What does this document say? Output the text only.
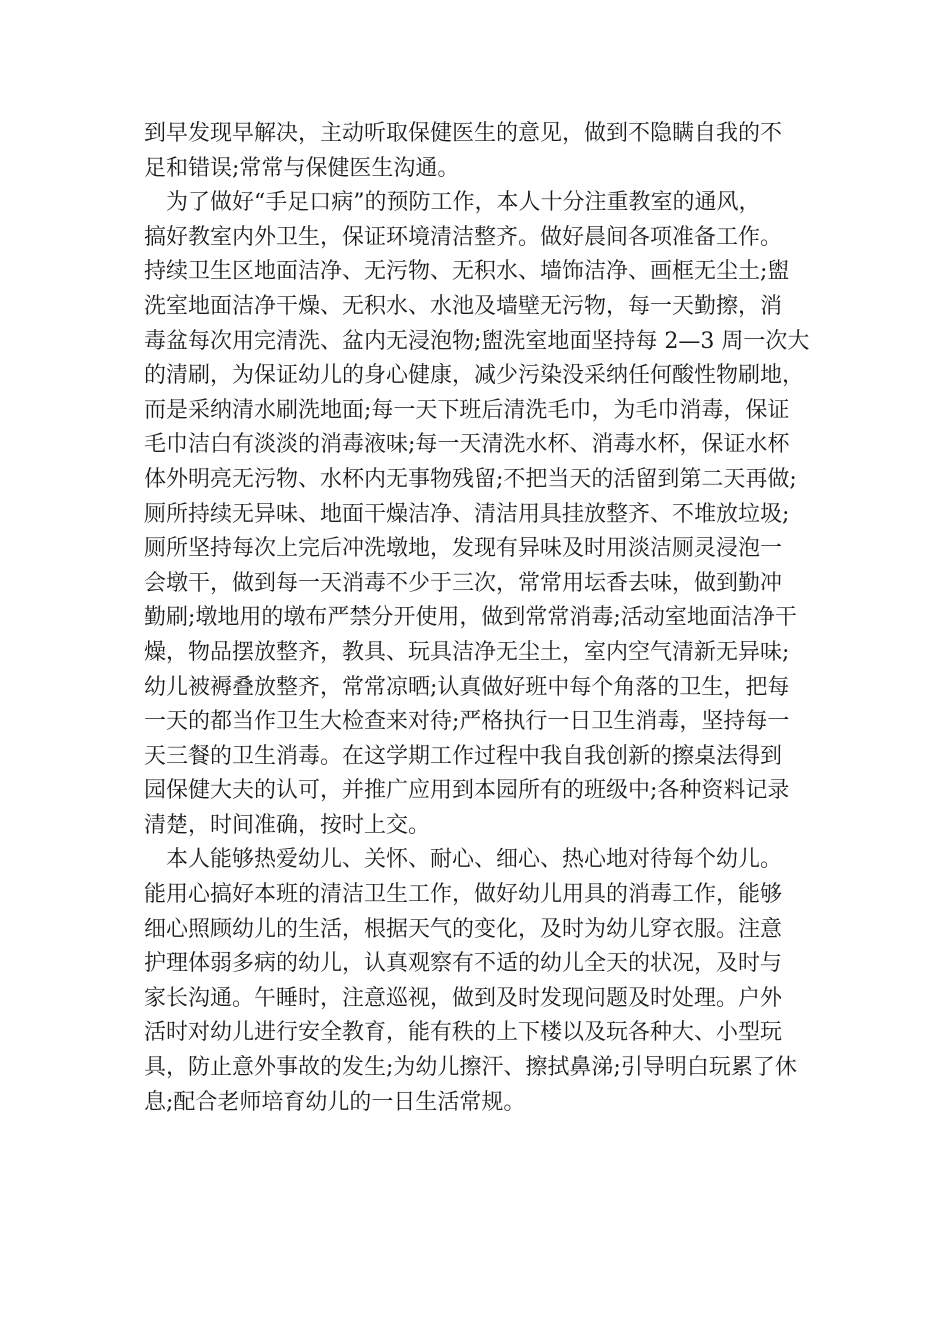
到早发现早解决，主动听取保健医生的意见，做到不隐瞒自我的不
足和错误;常常与保健医生沟通。
为了做好“手足口病”的预防工作，本人十分注重教室的通风，
搞好教室内外卫生，保证环境清洁整齐。做好晨间各项准备工作。
持续卫生区地面洁净、无污物、无积水、墙饰洁净、画框无尘土;盥
洗室地面洁净干燥、无积水、水池及墙壁无污物，每一天勤擦，消
毒盆每次用完清洗、盆内无浸泡物;盥洗室地面坚持每 2—3 周一次大
的清刷，为保证幼儿的身心健康，减少污染没采纳任何酸性物刷地，
而是采纳清水刷洗地面;每一天下班后清洗毛巾，为毛巾消毒，保证
毛巾洁白有淡淡的消毒液味;每一天清洗水杯、消毒水杯，保证水杯
体外明亮无污物、水杯内无事物残留;不把当天的活留到第二天再做;
厕所持续无异味、地面干燥洁净、清洁用具挂放整齐、不堆放垃圾;
厕所坚持每次上完后冲洗墩地，发现有异味及时用淡洁厕灵浸泡一
会墩干，做到每一天消毒不少于三次，常常用坛香去味，做到勤冲
勤刷;墩地用的墩布严禁分开使用，做到常常消毒;活动室地面洁净干
燥，物品摆放整齐，教具、玩具洁净无尘土，室内空气清新无异味;
幼儿被褥叠放整齐，常常凉晒;认真做好班中每个角落的卫生，把每
一天的都当作卫生大检查来对待;严格执行一日卫生消毒，坚持每一
天三餐的卫生消毒。在这学期工作过程中我自我创新的擦桌法得到
园保健大夫的认可，并推广应用到本园所有的班级中;各种资料记录
清楚，时间准确，按时上交。
本人能够热爱幼儿、关怀、耐心、细心、热心地对待每个幼儿。
能用心搞好本班的清洁卫生工作，做好幼儿用具的消毒工作，能够
细心照顾幼儿的生活，根据天气的变化，及时为幼儿穿衣服。注意
护理体弱多病的幼儿，认真观察有不适的幼儿全天的状况，及时与
家长沟通。午睡时，注意巡视，做到及时发现问题及时处理。户外
活时对幼儿进行安全教育，能有秩的上下楼以及玩各种大、小型玩
具，防止意外事故的发生;为幼儿擦汗、擦拭鼻涕;引导明白玩累了休
息;配合老师培育幼儿的一日生活常规。
